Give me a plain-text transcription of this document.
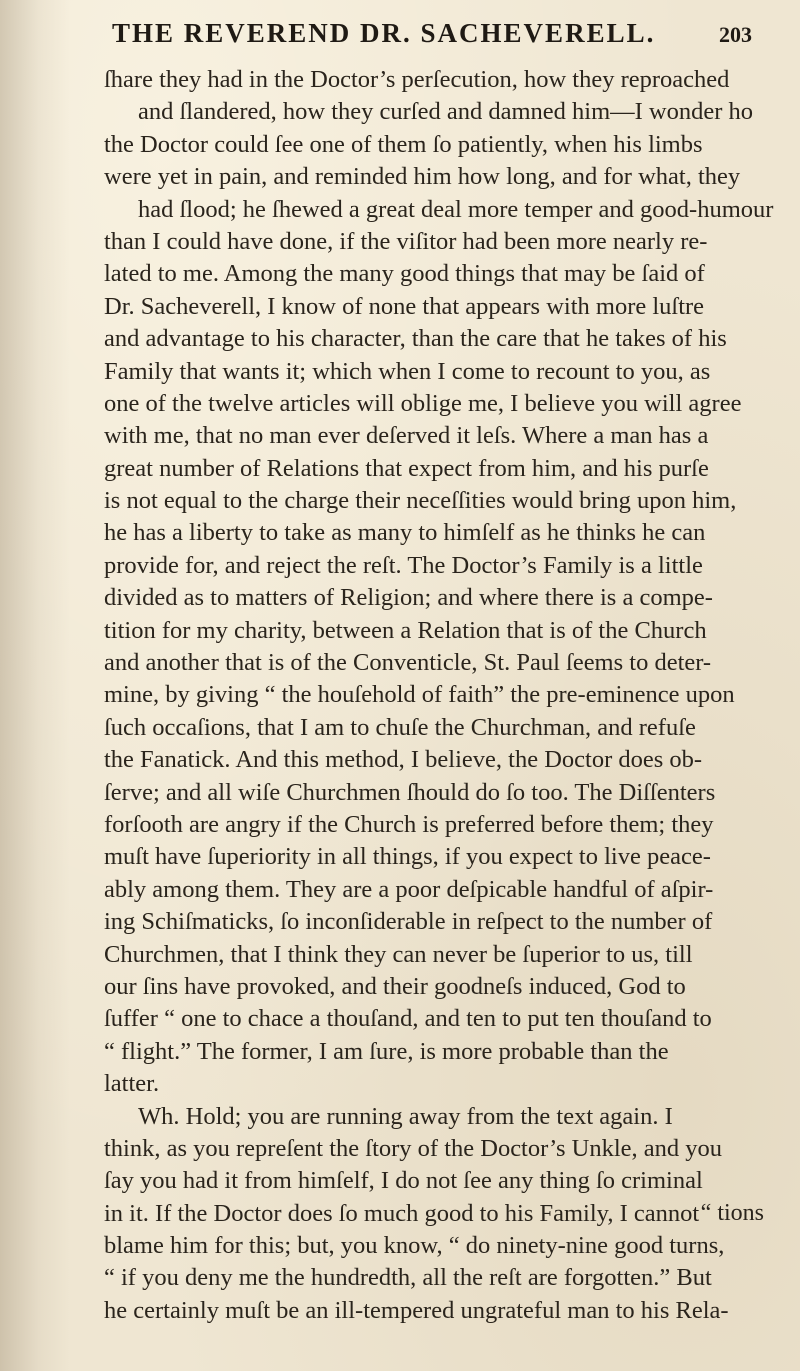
THE REVEREND DR. SACHEVERELL.	203
ſhare they had in the Doctor’s perſecution, how they reproached
and ſlandered, how they curſed and damned him—I wonder ho
the Doctor could ſee one of them ſo patiently, when his limbs
were yet in pain, and reminded him how long, and for what, they
had ſlood; he ſhewed a great deal more temper and good-humour
than I could have done, if the viſitor had been more nearly re-
lated to me. Among the many good things that may be ſaid of
Dr. Sacheverell, I know of none that appears with more luſtre
and advantage to his character, than the care that he takes of his
Family that wants it; which when I come to recount to you, as
one of the twelve articles will oblige me, I believe you will agree
with me, that no man ever deſerved it leſs. Where a man has a
great number of Relations that expect from him, and his purſe
is not equal to the charge their neceſſities would bring upon him,
he has a liberty to take as many to himſelf as he thinks he can
provide for, and reject the reſt. The Doctor’s Family is a little
divided as to matters of Religion; and where there is a compe-
tition for my charity, between a Relation that is of the Church
and another that is of the Conventicle, St. Paul ſeems to deter-
mine, by giving “ the houſehold of faith” the pre-eminence upon
ſuch occaſions, that I am to chuſe the Churchman, and refuſe
the Fanatick. And this method, I believe, the Doctor does ob-
ſerve; and all wiſe Churchmen ſhould do ſo too. The Diſſenters
forſooth are angry if the Church is preferred before them; they
muſt have ſuperiority in all things, if you expect to live peace-
ably among them. They are a poor deſpicable handful of aſpir-
ing Schiſmaticks, ſo inconſiderable in reſpect to the number of
Churchmen, that I think they can never be ſuperior to us, till
our ſins have provoked, and their goodneſs induced, God to
ſuffer “ one to chace a thouſand, and ten to put ten thouſand to
“ flight.” The former, I am ſure, is more probable than the
latter.
Wh. Hold; you are running away from the text again. I
think, as you repreſent the ſtory of the Doctor’s Unkle, and you
ſay you had it from himſelf, I do not ſee any thing ſo criminal
in it. If the Doctor does ſo much good to his Family, I cannot
blame him for this; but, you know, “ do ninety-nine good turns,
“ if you deny me the hundredth, all the reſt are forgotten.” But
he certainly muſt be an ill-tempered ungrateful man to his Rela-
“ tions
